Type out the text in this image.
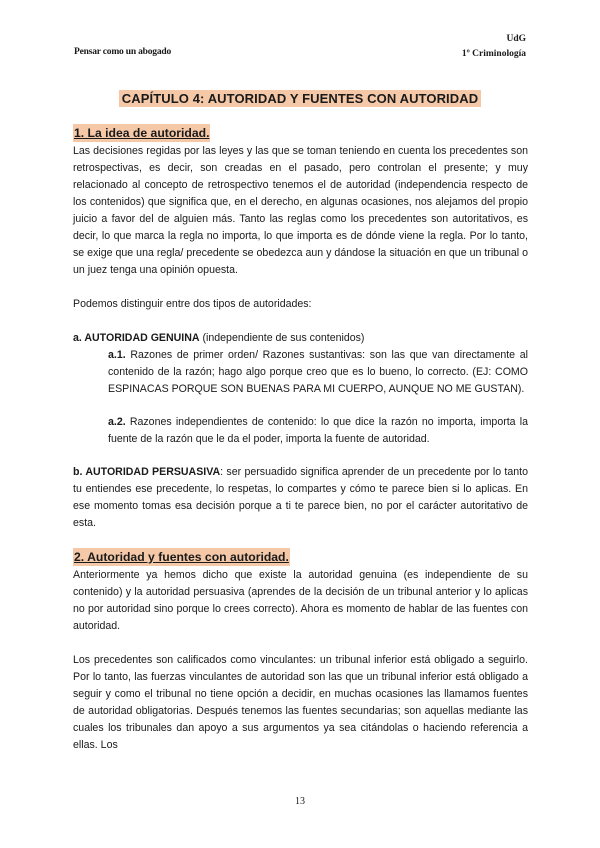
Pensar como un abogado
UdG
1º Criminología
CAPÍTULO 4: AUTORIDAD Y FUENTES CON AUTORIDAD
1. La idea de autoridad.

Las decisiones regidas por las leyes y las que se toman teniendo en cuenta los precedentes son retrospectivas, es decir, son creadas en el pasado, pero controlan el presente; y muy relacionado al concepto de retrospectivo tenemos el de autoridad (independencia respecto de los contenidos) que significa que, en el derecho, en algunas ocasiones, nos alejamos del propio juicio a favor del de alguien más. Tanto las reglas como los precedentes son autoritativos, es decir, lo que marca la regla no importa, lo que importa es de dónde viene la regla. Por lo tanto, se exige que una regla/ precedente se obedezca aun y dándose la situación en que un tribunal o un juez tenga una opinión opuesta.

Podemos distinguir entre dos tipos de autoridades:

a. AUTORIDAD GENUINA (independiente de sus contenidos)

a.1. Razones de primer orden/ Razones sustantivas: son las que van directamente al contenido de la razón; hago algo porque creo que es lo bueno, lo correcto. (EJ: COMO ESPINACAS PORQUE SON BUENAS PARA MI CUERPO, AUNQUE NO ME GUSTAN).

a.2. Razones independientes de contenido: lo que dice la razón no importa, importa la fuente de la razón que le da el poder, importa la fuente de autoridad.

b. AUTORIDAD PERSUASIVA: ser persuadido significa aprender de un precedente por lo tanto tu entiendes ese precedente, lo respetas, lo compartes y cómo te parece bien si lo aplicas. En ese momento tomas esa decisión porque a ti te parece bien, no por el carácter autoritativo de esta.

2. Autoridad y fuentes con autoridad.

Anteriormente ya hemos dicho que existe la autoridad genuina (es independiente de su contenido) y la autoridad persuasiva (aprendes de la decisión de un tribunal anterior y lo aplicas no por autoridad sino porque lo crees correcto). Ahora es momento de hablar de las fuentes con autoridad.

Los precedentes son calificados como vinculantes: un tribunal inferior está obligado a seguirlo. Por lo tanto, las fuerzas vinculantes de autoridad son las que un tribunal inferior está obligado a seguir y como el tribunal no tiene opción a decidir, en muchas ocasiones las llamamos fuentes de autoridad obligatorias. Después tenemos las fuentes secundarias; son aquellas mediante las cuales los tribunales dan apoyo a sus argumentos ya sea citándolas o haciendo referencia a ellas. Los

13
